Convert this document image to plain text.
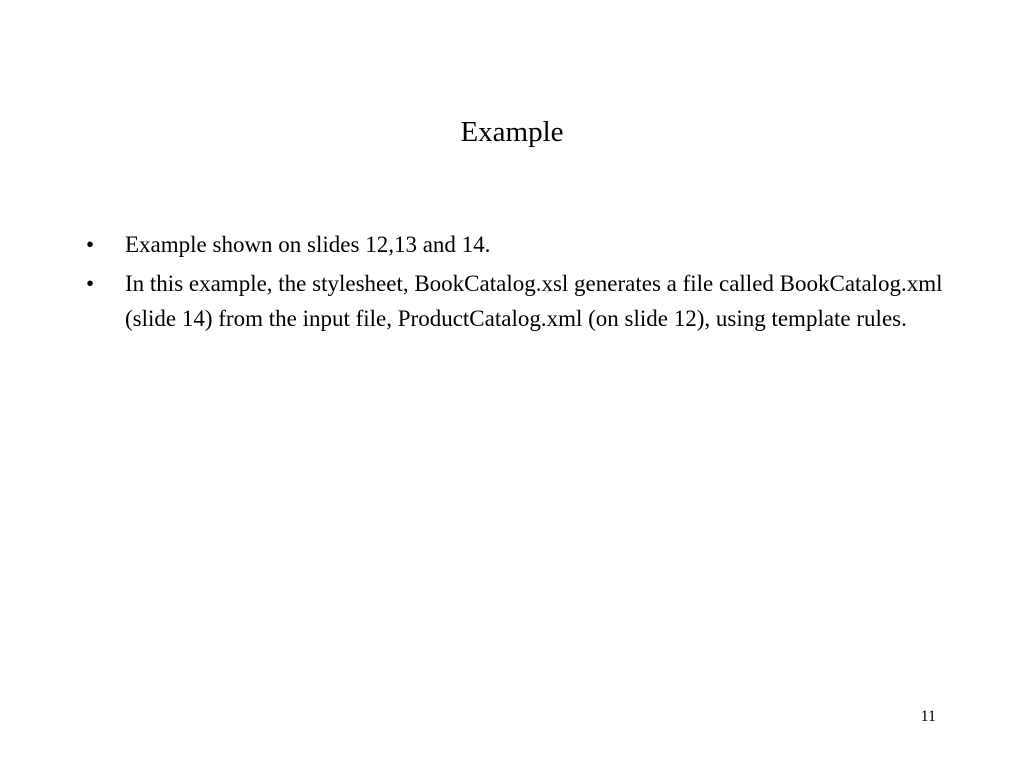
Example
•	Example shown on slides 12,13 and 14.
•	In this example, the stylesheet, BookCatalog.xsl generates a file called BookCatalog.xml (slide 14) from the input file, ProductCatalog.xml (on slide 12), using template rules.
11
